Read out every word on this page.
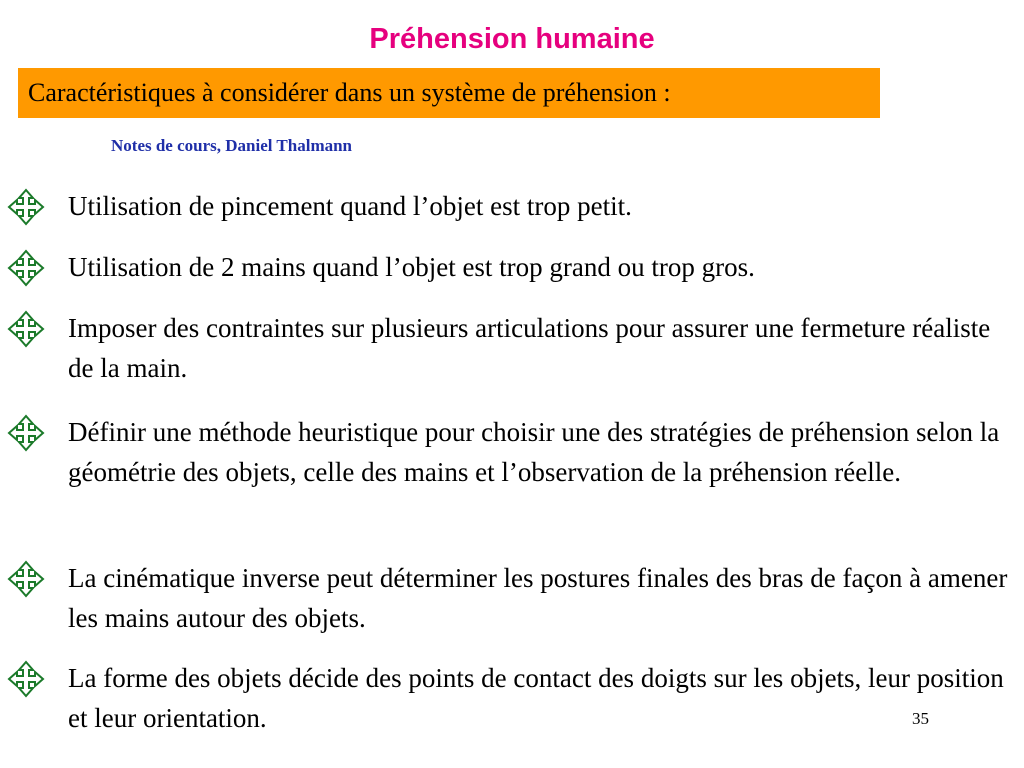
Préhension humaine
Caractéristiques à considérer dans un système de préhension :
Notes de cours, Daniel Thalmann
Utilisation de pincement quand l’objet est trop petit.
Utilisation de 2 mains quand l’objet est trop grand ou trop gros.
Imposer des contraintes sur plusieurs articulations pour assurer une fermeture réaliste de la main.
Définir une méthode heuristique pour choisir une des stratégies de préhension selon la géométrie des objets, celle des mains et l’observation de la préhension réelle.
La cinématique inverse peut déterminer les postures finales des bras de façon à amener les mains autour des objets.
La forme des objets décide des points de contact des doigts sur les objets, leur position et leur orientation.	35
